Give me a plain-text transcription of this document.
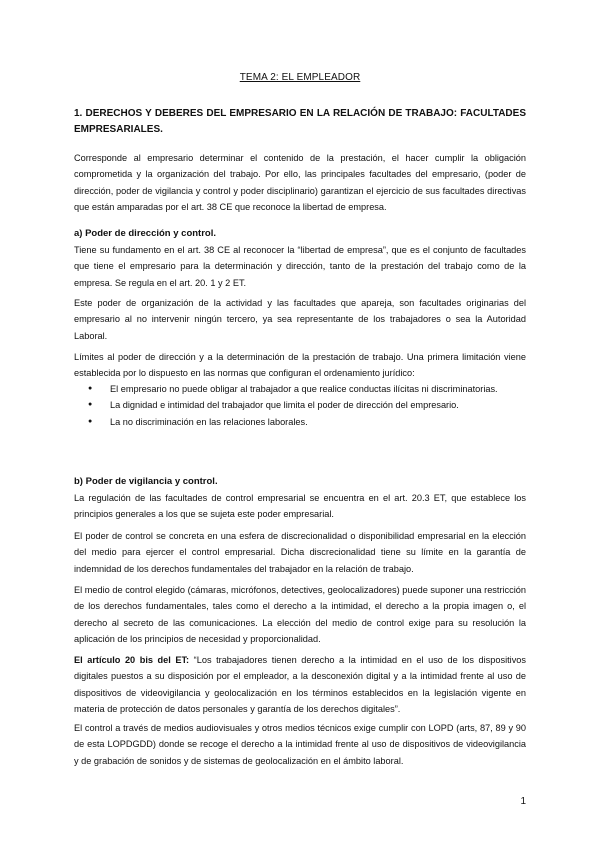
TEMA 2: EL EMPLEADOR
1. DERECHOS Y DEBERES DEL EMPRESARIO EN LA RELACIÓN DE TRABAJO: FACULTADES EMPRESARIALES.
Corresponde al empresario determinar el contenido de la prestación, el hacer cumplir la obligación comprometida y la organización del trabajo. Por ello, las principales facultades del empresario, (poder de dirección, poder de vigilancia y control y poder disciplinario) garantizan el ejercicio de sus facultades directivas que están amparadas por el art. 38 CE que reconoce la libertad de empresa.
a) Poder de dirección y control.
Tiene su fundamento en el art. 38 CE al reconocer la “libertad de empresa”, que es el conjunto de facultades que tiene el empresario para la determinación y dirección, tanto de la prestación del trabajo como de la empresa. Se regula en el art. 20. 1 y 2 ET.
Este poder de organización de la actividad y las facultades que apareja, son facultades originarias del empresario al no intervenir ningún tercero, ya sea representante de los trabajadores o sea la Autoridad Laboral.
Límites al poder de dirección y a la determinación de la prestación de trabajo. Una primera limitación viene establecida por lo dispuesto en las normas que configuran el ordenamiento jurídico:
● El empresario no puede obligar al trabajador a que realice conductas ilícitas ni discriminatorias.
● La dignidad e intimidad del trabajador que limita el poder de dirección del empresario.
● La no discriminación en las relaciones laborales.
b) Poder de vigilancia y control.
La regulación de las facultades de control empresarial se encuentra en el art. 20.3 ET, que establece los principios generales a los que se sujeta este poder empresarial.
El poder de control se concreta en una esfera de discrecionalidad o disponibilidad empresarial en la elección del medio para ejercer el control empresarial. Dicha discrecionalidad tiene su límite en la garantía de indemnidad de los derechos fundamentales del trabajador en la relación de trabajo.
El medio de control elegido (cámaras, micrófonos, detectives, geolocalizadores) puede suponer una restricción de los derechos fundamentales, tales como el derecho a la intimidad, el derecho a la propia imagen o, el derecho al secreto de las comunicaciones. La elección del medio de control exige para su resolución la aplicación de los principios de necesidad y proporcionalidad.
El artículo 20 bis del ET: “Los trabajadores tienen derecho a la intimidad en el uso de los dispositivos digitales puestos a su disposición por el empleador, a la desconexión digital y a la intimidad frente al uso de dispositivos de videovigilancia y geolocalización en los términos establecidos en la legislación vigente en materia de protección de datos personales y garantía de los derechos digitales”.
El control a través de medios audiovisuales y otros medios técnicos exige cumplir con LOPD (arts, 87, 89 y 90 de esta LOPDGDD) donde se recoge el derecho a la intimidad frente al uso de dispositivos de videovigilancia y de grabación de sonidos y de sistemas de geolocalización en el ámbito laboral.
1
